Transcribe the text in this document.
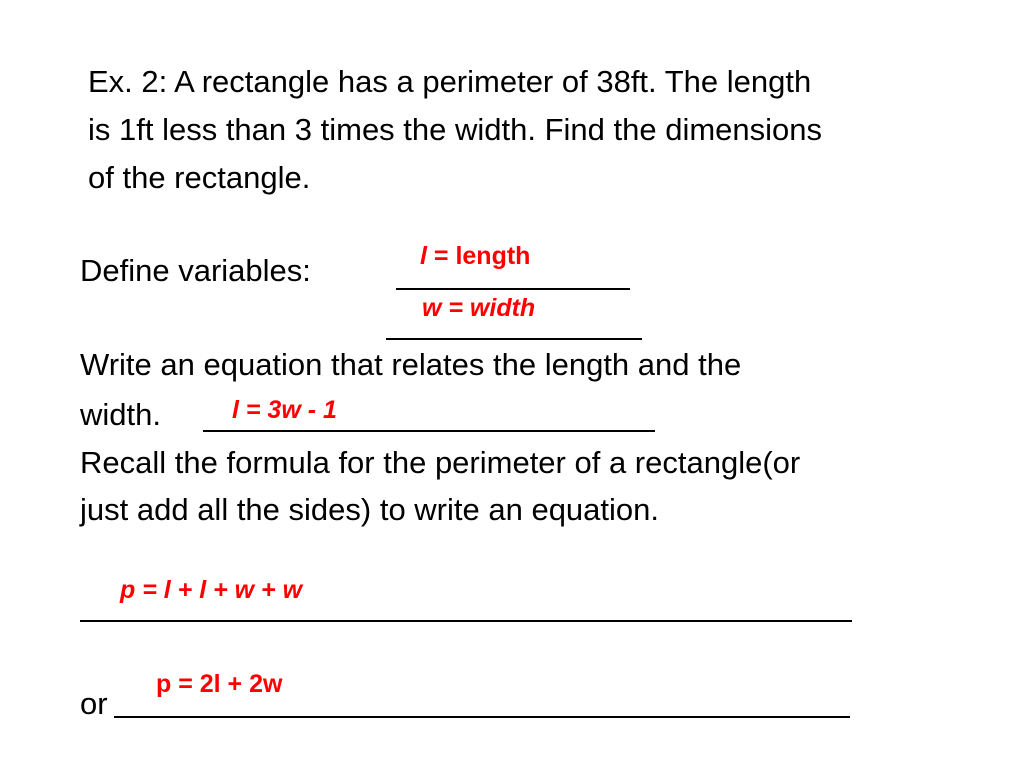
Ex. 2: A rectangle has a perimeter of 38ft. The length
is 1ft less than 3 times the width. Find the dimensions
of the rectangle.
Define variables:	l = length
w = width
Write an equation that relates the length and the
width.	l = 3w - 1
Recall the formula for the perimeter of a rectangle(or
just add all the sides) to write an equation.
p = l + l + w + w
or
p = 2l + 2w
